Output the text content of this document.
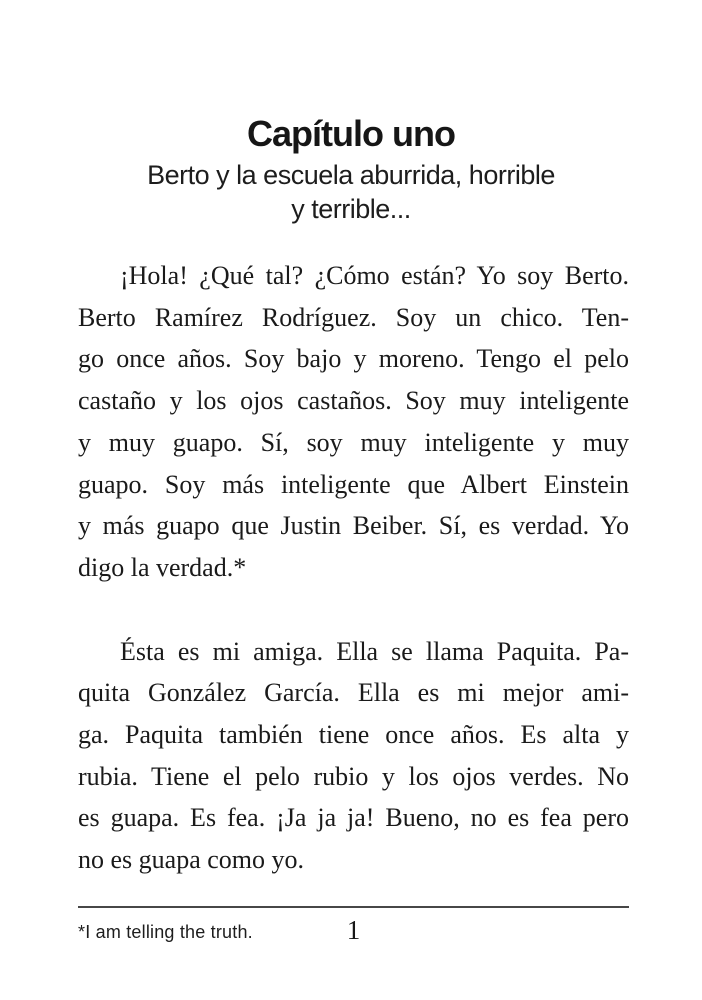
Capítulo uno
Berto y la escuela aburrida, horrible
y terrible...
¡Hola! ¿Qué tal? ¿Cómo están? Yo soy Berto.
Berto Ramírez Rodríguez. Soy un chico. Ten-
go once años. Soy bajo y moreno. Tengo el pelo
castaño y los ojos castaños. Soy muy inteligente
y muy guapo. Sí, soy muy inteligente y muy
guapo. Soy más inteligente que Albert Einstein
y más guapo que Justin Beiber. Sí, es verdad. Yo
digo la verdad.*
Ésta es mi amiga. Ella se llama Paquita. Pa-
quita González García. Ella es mi mejor ami-
ga. Paquita también tiene once años. Es alta y
rubia. Tiene el pelo rubio y los ojos verdes. No
es guapa. Es fea. ¡Ja ja ja! Bueno, no es fea pero
no es guapa como yo.
*I am telling the truth.	1
